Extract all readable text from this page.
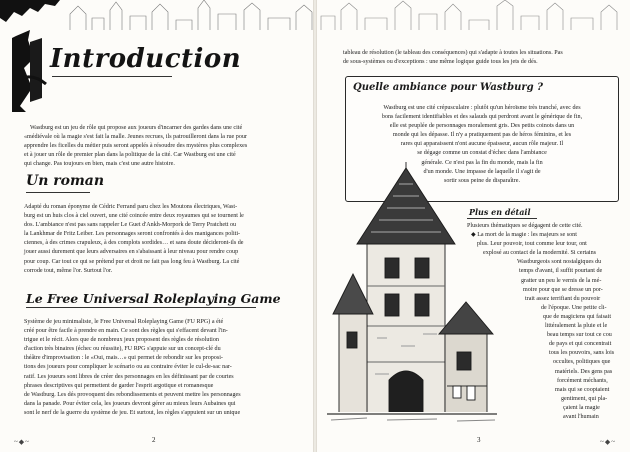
Introduction

Wastburg est un jeu de rôle qui propose aux joueurs d'incarner des gardes dans une cité

«médiévale où la magie s'est fait la malle. Jeunes recrues, ils patrouilleront dans la rue pour

apprendre les ficelles du métier puis seront appelés à résoudre des mystères plus complexes

et à jouer un rôle de premier plan dans la politique de la cité. Car Wastburg est une cité

qui change. Pas toujours en bien, mais c'est une autre histoire.

Un roman

Adapté du roman éponyme de Cédric Ferrand paru chez les Moutons électriques, Wast-

burg est un huis clos à ciel ouvert, une cité coincée entre deux royaumes qui se tournent le

dos. L'ambiance n'est pas sans rappeler Le Guet d'Ankh-Morpork de Terry Pratchett ou

la Lankhmar de Fritz Leiber. Les personnages seront confrontés à des manigances politi-

ciennes, à des crimes crapuleux, à des complots sordides… et sans doute décideront-ils de

jouer aussi durement que leurs adversaires en s'abaissant à leur niveau pour rendre coup

pour coup. Car tout ce qui se prétend pur et droit ne fait pas long feu à Wastburg. La cité

corrode tout, même l'or. Surtout l'or.

Le Free Universal Roleplaying Game

Système de jeu minimaliste, le Free Universal Roleplaying Game (FU RPG) a été

créé pour être facile à prendre en main. Ce sont des règles qui s'effacent devant l'in-

trigue et le récit. Alors que de nombreux jeux proposent des règles de résolution

d'action très binaires (échec ou réussite), FU RPG s'appuie sur un concept-clé du

théâtre d'improvisation : le «Oui, mais…» qui permet de rebondir sur les proposi-

tions des joueurs pour compliquer le scénario ou au contraire éviter le cul-de-sac nar-

ratif. Les joueurs sont libres de créer des personnages en les définissant par de courtes

phrases descriptives qui permettent de garder l'esprit argotique et romanesque

de Wastburg. Les dés provoquent des rebondissements et peuvent mettre les personnages

dans la panade. Pour éviter cela, les joueurs devront gérer au mieux leurs Aubaines qui

sont le nerf de la guerre du système de jeu. Et surtout, les règles s'appuient sur un unique

~◆~	2

tableau de résolution (le tableau des conséquences) qui s'adapte à toutes les situations. Pas

de sous-systèmes ou d'exceptions : une même logique guide tous les jets de dés.

Quelle ambiance pour Wastburg ?

Wastburg est une cité crépusculaire : plutôt qu'un héroïsme très tranché, avec des

bons facilement identifiables et des salauds qui perdront avant le générique de fin,

elle est peuplée de personnages moralement gris. Des petits coinots dans un

monde qui les dépasse. Il n'y a pratiquement pas de héros féminins, et les

rares qui apparaissent n'ont aucune épaisseur, aucun rôle majeur. Il

se dégage comme un constat d'échec dans l'ambiance

générale. Ce n'est pas la fin du monde, mais la fin

d'un monde. Une impasse de laquelle il s'agit de

sortir sous peine de disparaître.

Plus en détail

Plusieurs thématiques se dégagent de cette cité.

◆ La mort de la magie : les majeurs se sont

plus. Leur pouvoir, tout comme leur tour, ont

explosé au contact de la modernité. Si certains

Wastburgeois sont nostalgiques du

temps d'avant, il suffit pourtant de

gratter un peu le vernis de la mé-

moire pour que se dresse un por-

trait assez terrifiant du pouvoir

de l'époque. Une petite cli-

que de magiciens qui faisait

littéralement la pluie et le

beau temps sur tout ce cou

de pays et qui concentrait

tous les pouvoirs, sans lois

occultes, politiques que

matériels. Des gens pas

forcément méchants,

mais qui se cooptaient

gentiment, qui pla-

çaient la magie

avant l'humain

3	~◆~
